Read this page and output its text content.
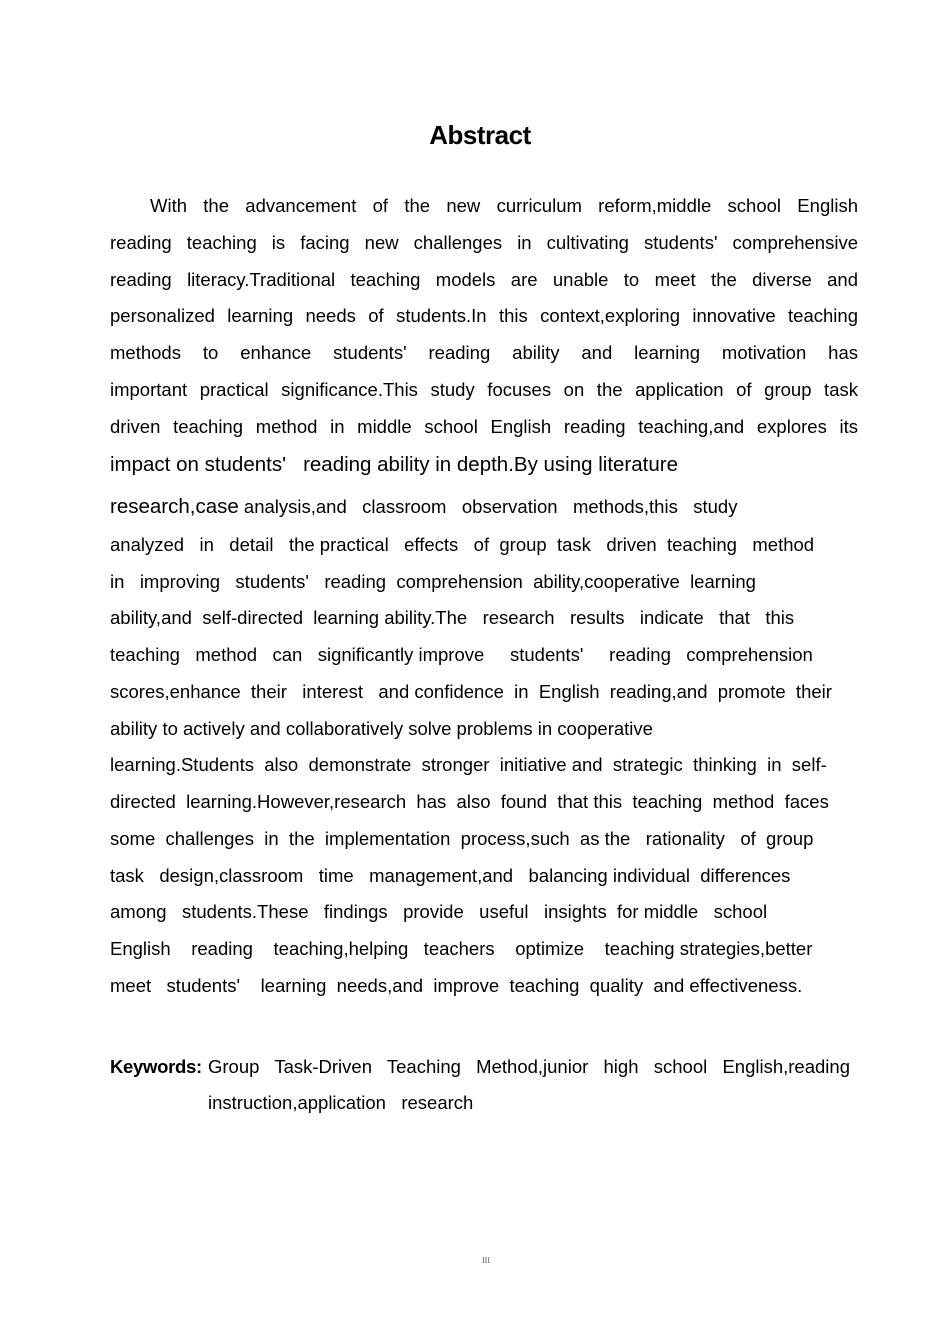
Abstract
With the advancement of the new curriculum reform,middle school English
reading teaching is facing new challenges in cultivating students' comprehensive
reading literacy.Traditional teaching models are unable to meet the diverse and
personalized learning needs of students.In this context,exploring innovative teaching
methods to enhance students' reading ability and learning motivation has
important practical significance.This study focuses on the application of group task
driven teaching method in middle school English reading teaching,and explores its
impact on students'   reading ability in depth.By using literature
research,case analysis,and   classroom   observation   methods,this   study
analyzed   in   detail   the practical   effects   of  group  task   driven  teaching   method
in   improving   students'   reading  comprehension  ability,cooperative  learning
ability,and  self-directed  learning ability.The   research   results   indicate   that   this
teaching   method   can   significantly improve     students'     reading   comprehension
scores,enhance  their   interest   and confidence  in  English  reading,and  promote  their
ability to actively and collaboratively solve problems in cooperative
learning.Students  also  demonstrate  stronger  initiative and  strategic  thinking  in  self-
directed  learning.However,research  has  also  found  that this  teaching  method  faces
some  challenges  in  the  implementation  process,such  as the   rationality   of  group
task   design,classroom   time   management,and   balancing individual  differences
among   students.These   findings   provide   useful   insights  for middle   school
English    reading    teaching,helping   teachers    optimize    teaching strategies,better
meet   students'    learning  needs,and  improve  teaching  quality  and effectiveness.
Keywords: Group Task-Driven Teaching Method,junior high school English,reading
instruction,application   research
III
